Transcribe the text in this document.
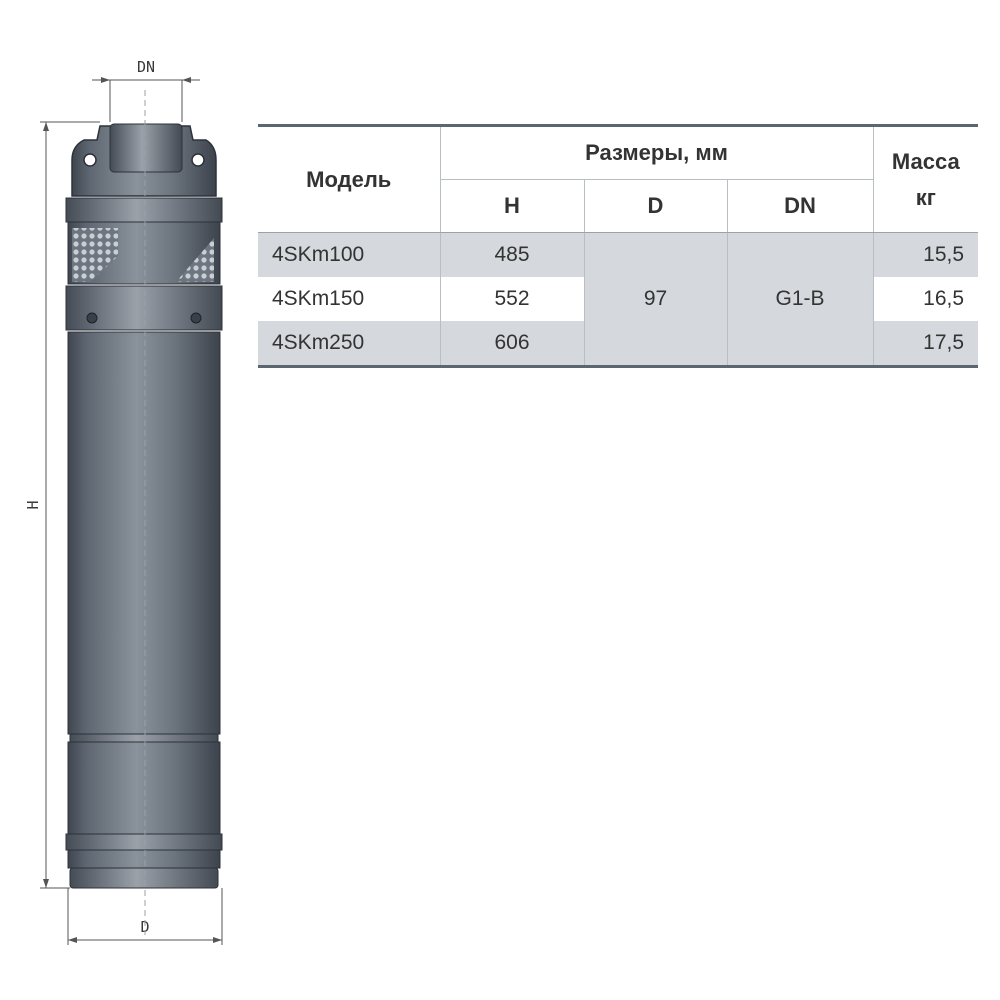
DN
H
D
Модель	Размеры, мм			Масса
кг

	H	D	DN	
4SKm100	485	97	G1-B	15,5
4SKm150	552			16,5
4SKm250	606			17,5
